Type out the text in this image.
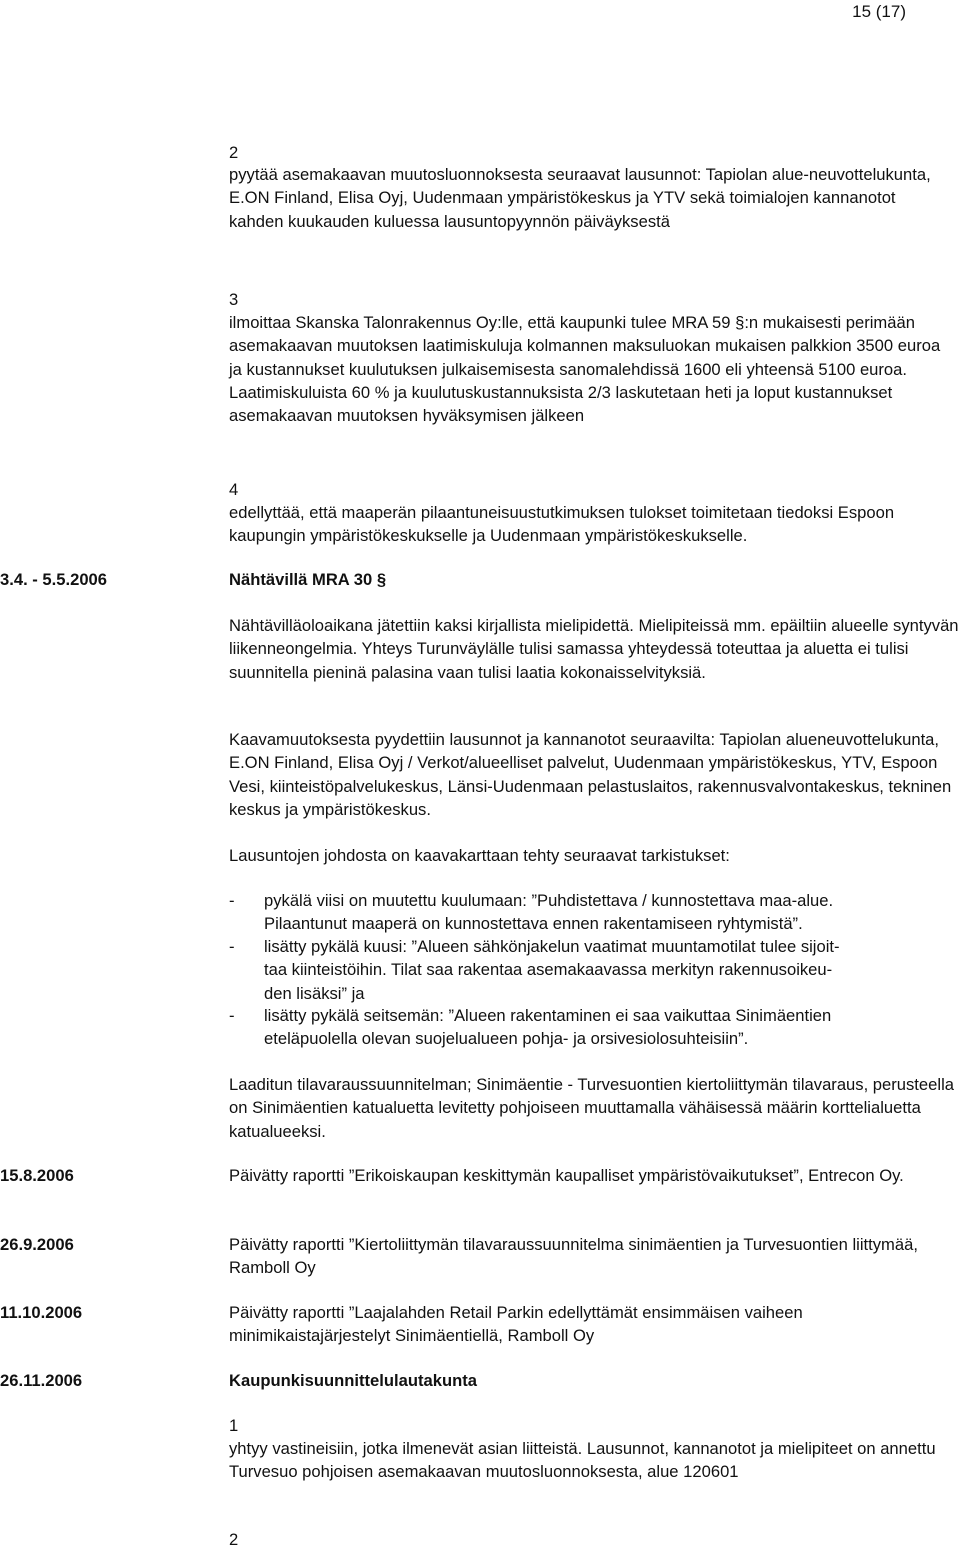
15 (17)
2
pyytää asemakaavan muutosluonnoksesta seuraavat lausunnot: Tapiolan alue-neuvottelukunta, E.ON Finland, Elisa Oyj, Uudenmaan ympäristökeskus ja YTV sekä toimialojen kannanotot kahden kuukauden kuluessa lausuntopyynnön päiväyksestä
3
ilmoittaa Skanska Talonrakennus Oy:lle, että kaupunki tulee MRA 59 §:n mukaisesti perimään asemakaavan muutoksen laatimiskuluja kolmannen maksuluokan mukaisen palkkion 3500 euroa ja kustannukset kuulutuksen julkaisemisesta sanomalehdissä 1600 eli yhteensä 5100 euroa. Laatimiskuluista 60 % ja kuulutuskustannuksista 2/3 laskutetaan heti ja loput kustannukset asemakaavan muutoksen hyväksymisen jälkeen
4
edellyttää, että maaperän pilaantuneisuustutkimuksen tulokset toimitetaan tiedoksi Espoon kaupungin ympäristökeskukselle ja Uudenmaan ympäristökeskukselle.
3.4. - 5.5.2006	Nähtävillä MRA 30 §
Nähtävilläoloaikana jätettiin kaksi kirjallista mielipidettä. Mielipiteissä mm. epäiltiin alueelle syntyvän liikenneongelmia. Yhteys Turunväylälle tulisi samassa yhteydessä toteuttaa ja aluetta ei tulisi suunnitella pieninä palasina vaan tulisi laatia kokonaisselvityksiä.
Kaavamuutoksesta pyydettiin lausunnot ja kannanotot seuraavilta: Tapiolan alueneuvottelukunta, E.ON Finland, Elisa Oyj / Verkot/alueelliset palvelut, Uudenmaan ympäristökeskus, YTV, Espoon Vesi, kiinteistöpalvelukeskus, Länsi-Uudenmaan pelastuslaitos, rakennusvalvontakeskus, tekninen keskus ja ympäristökeskus.
Lausuntojen johdosta on kaavakarttaan tehty seuraavat tarkistukset:
- pykälä viisi on muutettu kuulumaan: ”Puhdistettava / kunnostettava maa-alue.
Pilaantunut maaperä on kunnostettava ennen rakentamiseen ryhtymistä”.
- lisätty pykälä kuusi: ”Alueen sähkönjakelun vaatimat muuntamotilat tulee sijoit-
taa kiinteistöihin. Tilat saa rakentaa asemakaavassa merkityn rakennusoikeu-
den lisäksi” ja
- lisätty pykälä seitsemän: ”Alueen rakentaminen ei saa vaikuttaa Sinimäentien
eteläpuolella olevan suojelualueen pohja- ja orsivesiolosuhteisiin”.
Laaditun tilavaraussuunnitelman; Sinimäentie - Turvesuontien kiertoliittymän tilavaraus, perusteella on Sinimäentien katualuetta levitetty pohjoiseen muuttamalla vähäisessä määrin korttelialuetta katualueeksi.
15.8.2006	Päivätty raportti ”Erikoiskaupan keskittymän kaupalliset ympäristövaikutukset”, Entrecon Oy.
26.9.2006	Päivätty raportti ”Kiertoliittymän tilavaraussuunnitelma sinimäentien ja Turvesuontien liittymää, Ramboll Oy
11.10.2006	Päivätty raportti ”Laajalahden Retail Parkin edellyttämät ensimmäisen vaiheen minimikaistajärjestelyt Sinimäentiellä, Ramboll Oy
26.11.2006	Kaupunkisuunnittelulautakunta
1
yhtyy vastineisiin, jotka ilmenevät asian liitteistä. Lausunnot, kannanotot ja mielipiteet on annettu Turvesuo pohjoisen asemakaavan muutosluonnoksesta, alue 120601
2
